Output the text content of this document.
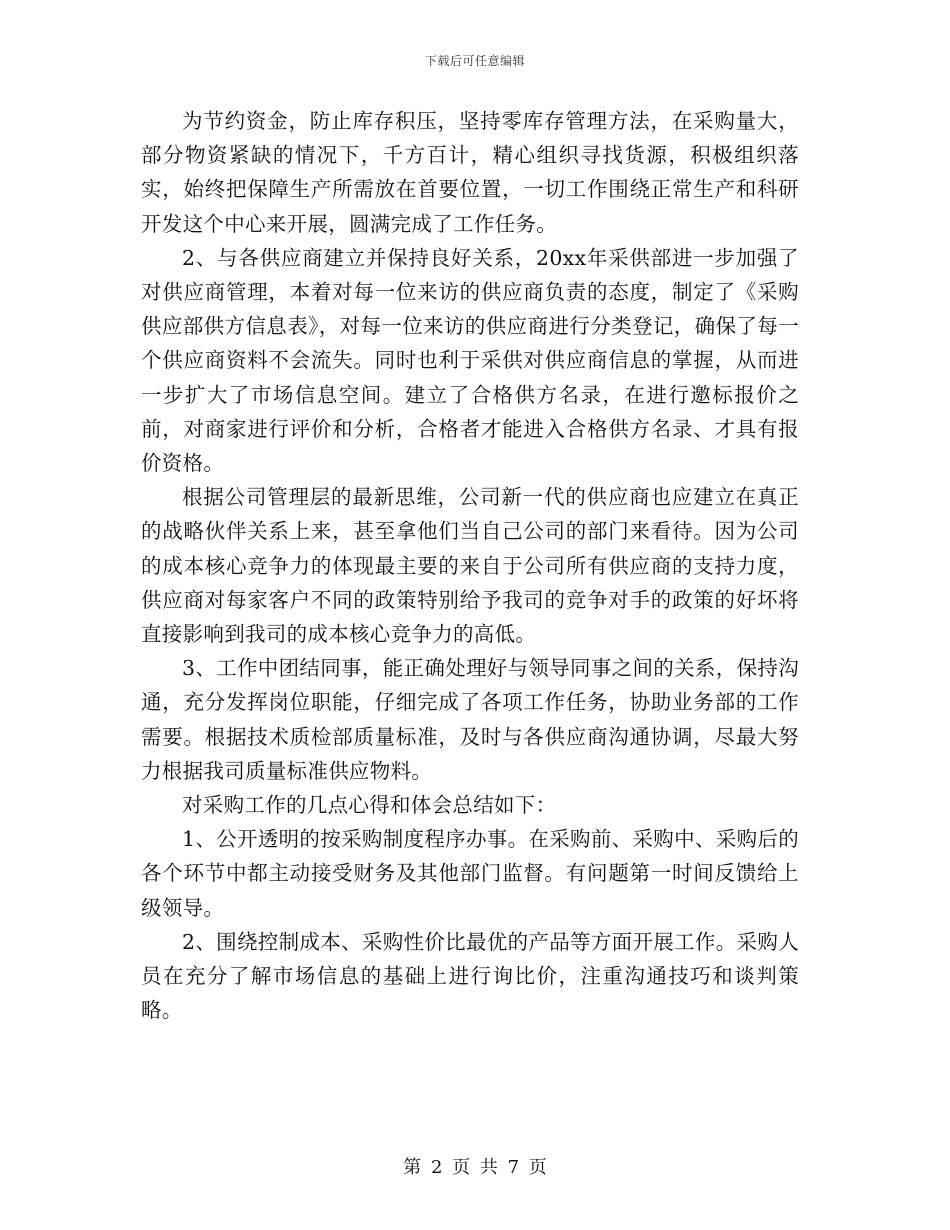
下载后可任意编辑

为节约资金，防止库存积压，坚持零库存管理方法，在采购量大，部分物资紧缺的情况下，千方百计，精心组织寻找货源，积极组织落实，始终把保障生产所需放在首要位置，一切工作围绕正常生产和科研开发这个中心来开展，圆满完成了工作任务。

2、与各供应商建立并保持良好关系，20xx年采供部进一步加强了对供应商管理，本着对每一位来访的供应商负责的态度，制定了《采购供应部供方信息表》，对每一位来访的供应商进行分类登记，确保了每一个供应商资料不会流失。同时也利于采供对供应商信息的掌握，从而进一步扩大了市场信息空间。建立了合格供方名录，在进行邀标报价之前，对商家进行评价和分析，合格者才能进入合格供方名录、才具有报价资格。

根据公司管理层的最新思维，公司新一代的供应商也应建立在真正的战略伙伴关系上来，甚至拿他们当自己公司的部门来看待。因为公司的成本核心竞争力的体现最主要的来自于公司所有供应商的支持力度，供应商对每家客户不同的政策特别给予我司的竞争对手的政策的好坏将直接影响到我司的成本核心竞争力的高低。

3、工作中团结同事，能正确处理好与领导同事之间的关系，保持沟通，充分发挥岗位职能，仔细完成了各项工作任务，协助业务部的工作需要。根据技术质检部质量标准，及时与各供应商沟通协调，尽最大努力根据我司质量标准供应物料。

对采购工作的几点心得和体会总结如下：

1、公开透明的按采购制度程序办事。在采购前、采购中、采购后的各个环节中都主动接受财务及其他部门监督。有问题第一时间反馈给上级领导。

2、围绕控制成本、采购性价比最优的产品等方面开展工作。采购人员在充分了解市场信息的基础上进行询比价，注重沟通技巧和谈判策略。

第 2 页 共 7 页
